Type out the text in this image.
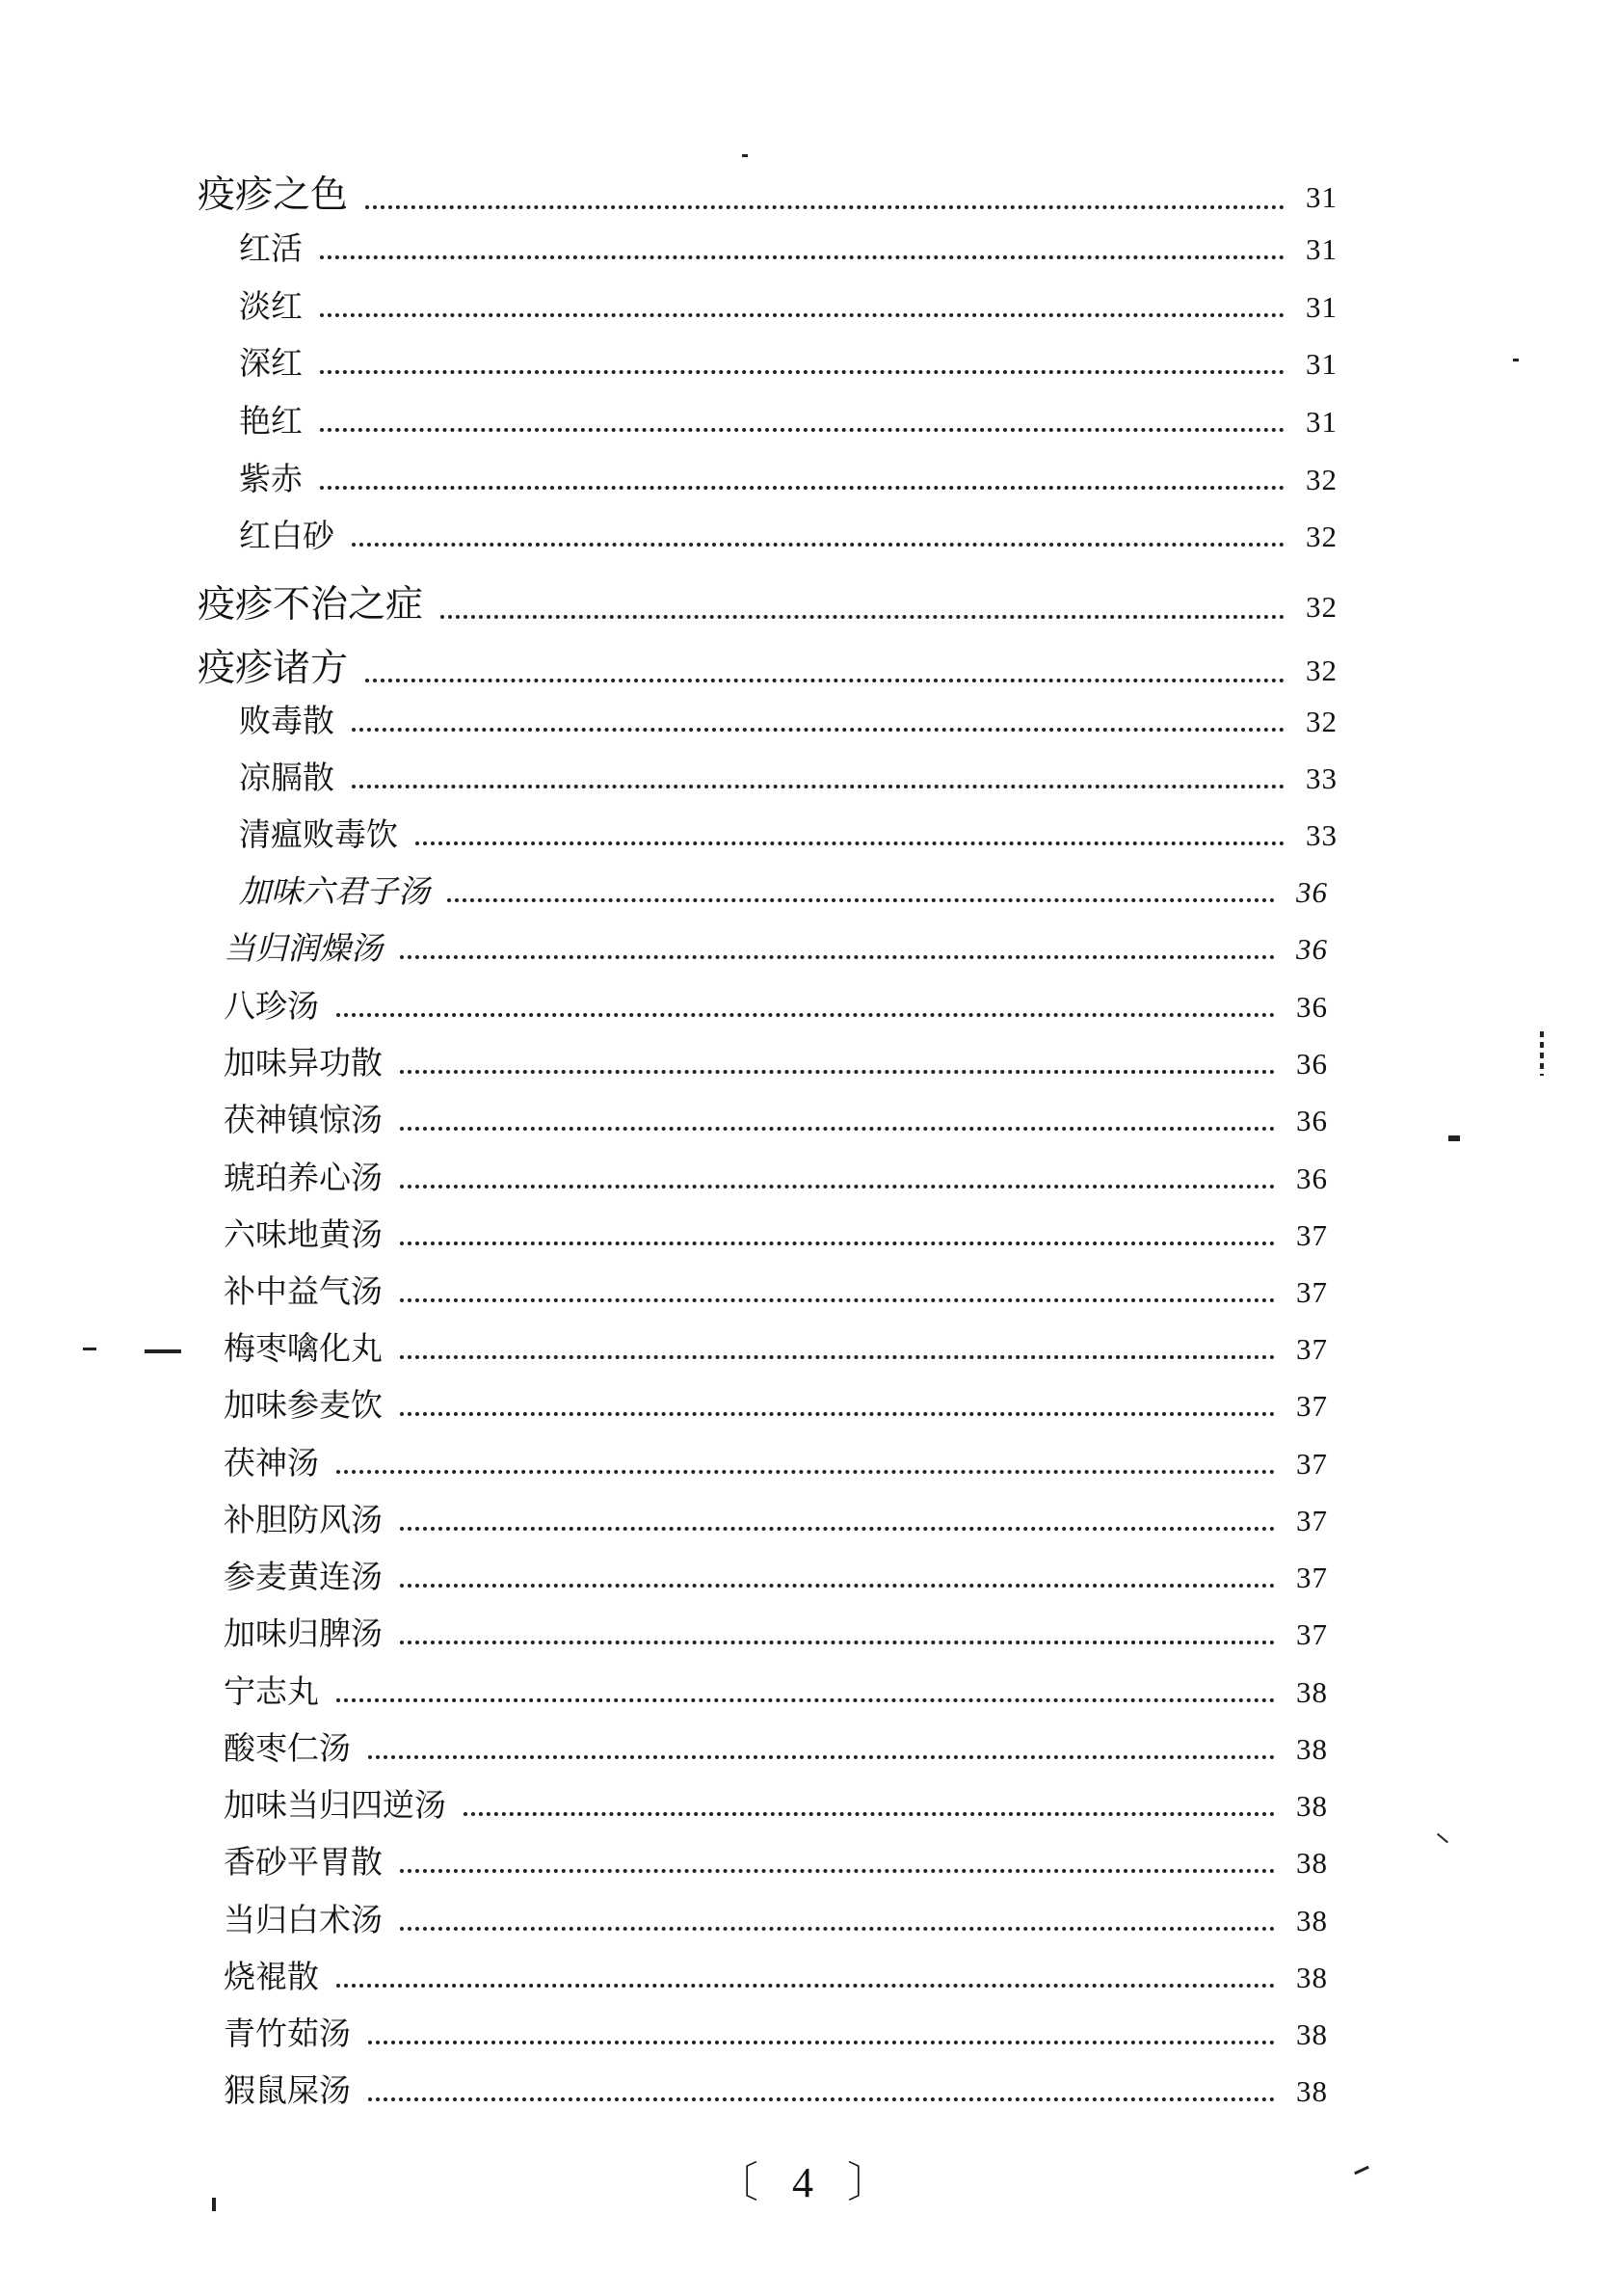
疫疹之色	31
红活	31
淡红	31
深红	31
艳红	31
紫赤	32
红白砂	32
疫疹不治之症	32
疫疹诸方	32
败毒散	32
凉膈散	33
清瘟败毒饮	33
加味六君子汤	36
当归润燥汤	36
八珍汤	36
加味异功散	36
茯神镇惊汤	36
琥珀养心汤	36
六味地黄汤	37
补中益气汤	37
梅枣噙化丸	37
加味参麦饮	37
茯神汤	37
补胆防风汤	37
参麦黄连汤	37
加味归脾汤	37
宁志丸	38
酸枣仁汤	38
加味当归四逆汤	38
香砂平胃散	38
当归白术汤	38
烧裩散	38
青竹茹汤	38
猳鼠屎汤	38
〔 4 〕
